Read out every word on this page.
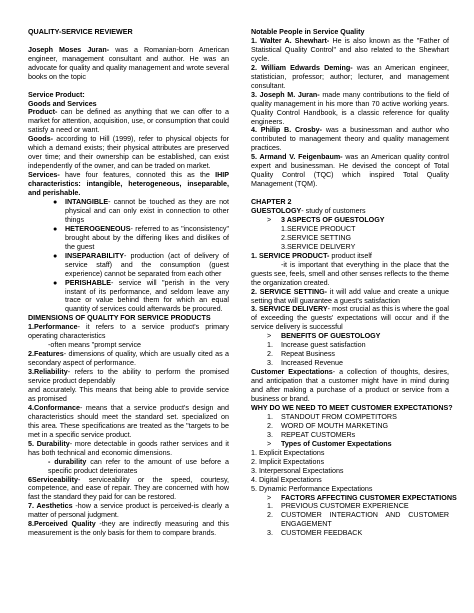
QUALITY-SERVICE REVIEWER

Joseph Moses Juran- was a Romanian-born American engineer, management consultant and author. He was an advocate for quality and quality management and wrote several books on the topic

Service Product:

Goods and Services

Product- can be defined as anything that we can offer to a market for attention, acquisition, use, or consumption that could satisfy a need or want.

Goods- according to Hill (1999), refer to physical objects for which a demand exists; their physical attributes are preserved over time; and their ownership can be established, can exist independently of the owner, and can be traded on market.

Services- have four features, connoted this as the IHIP characteristics: intangible, heterogeneous, inseparable, and perishable.

● INTANGIBLE- cannot be touched as they are not physical and can only exist in connection to other things

● HETEROGENEOUS- referred to as "inconsistency" brought about by the differing likes and dislikes of the guest

● INSEPARABILITY- production (act of delivery of service staff) and the consumption (guest experience) cannot be separated from each other

● PERISHABLE- service will "perish in the very instant of its performance, and seldom leave any trace or value behind them for which an equal quantity of services could afterwards be procured.

DIMENSIONS OF QUALITY FOR SERVICE PRODUCTS

1.Performance- it refers to a service product's primary operating characteristics

-often means "prompt service

2.Features- dimensions of quality, which are usually cited as a secondary aspect of performance.

3.Reliability- refers to the ability to perform the promised service product dependably

and accurately. This means that being able to provide service as promised

4.Conformance- means that a service product's design and characteristics should meet the standard set. specialized on this area. These specifications are treated as the "targets to be met in a specific service product.

5. Durability- more detectable in goods rather services and it has both technical and economic dimensions.

- durability can refer to the amount of use before a specific product deteriorates

6Serviceability- serviceability or the speed, courtesy, competence, and ease of repair. They are concerned with how fast the standard they paid for can be restored.

7. Aesthetics -how a service product is perceived-is clearly a matter of personal judgment.

8.Perceived Quality -they are indirectly measuring and this measurement is the only basis for them to compare brands.

Notable People in Service Quality

1. Walter A. Shewhart- He is also known as the "Father of Statistical Quality Control" and also related to the Shewhart cycle.

2. William Edwards Deming- was an American engineer, statistician, professor; author; lecturer, and management consultant.

3. Joseph M. Juran- made many contributions to the field of quality management in his more than 70 active working years. Quality Control Handbook, is a classic reference for quality engineers.

4. Philip B. Crosby- was a businessman and author who contributed to management theory and quality management practices.

5. Armand V. Feigenbaum- was an American quality control expert and businessman. He devised the concept of Total Quality Control (TQC) which inspired Total Quality Management (TQM).

CHAPTER 2

GUESTOLOGY- study of customers

> 3 ASPECTS OF GUESTOLOGY

1.SERVICE PRODUCT

2.SERVICE SETTING

3.SERVICE DELIVERY

1. SERVICE PRODUCT- product itself

-it is important that everything in the place that the guests see, feels, smell and other senses reflects to the theme the organization created.

2. SERVICE SETTING- it will add value and create a unique setting that will guarantee a guest's satisfaction

3. SERVICE DELIVERY- most crucial as this is where the goal of exceeding the guests' expectations will occur and if the service delivery is successful

> BENEFITS OF GUESTOLOGY

1. Increase guest satisfaction

2. Repeat Business

3. Increased Revenue

Customer Expectations- a collection of thoughts, desires, and anticipation that a customer might have in mind during and after making a purchase of a product or service from a business or brand.

WHY DO WE NEED TO MEET CUSTOMER EXPECTATIONS?

1. STANDOUT FROM COMPETITORS

2. WORD OF MOUTH MARKETING

3. REPEAT CUSTOMERs

> Types of Customer Expectations

1. Explicit Expectations

2. Implicit Expectations

3. Interpersonal Expectations

4. Digital Expectations

5. Dynamic Performance Expectations

> FACTORS AFFECTING CUSTOMER EXPECTATIONS

1. PREVIOUS CUSTOMER EXPERIENCE

2. CUSTOMER INTERACTION AND CUSTOMER ENGAGEMENT

3. CUSTOMER FEEDBACK
